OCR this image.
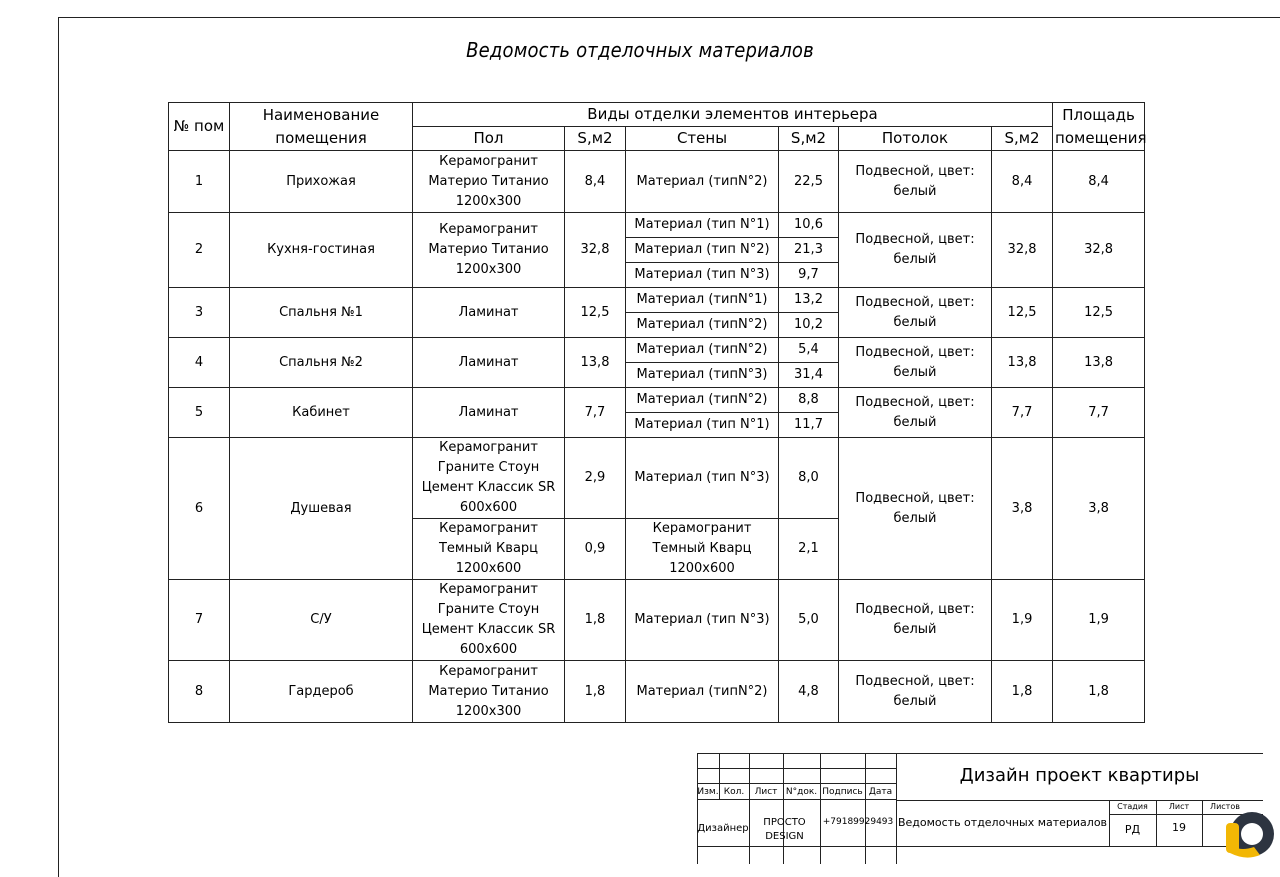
Ведомость отделочных материалов
№ пом	Наименование помещения	Виды отделки элементов интерьера						Площадь помещения
		Пол	S,м2	Стены	S,м2	Потолок	S,м2	
1	Прихожая	Керамогранит Материо Титанио 1200х300	8,4	Материал (типN°2)	22,5	Подвесной, цвет: белый	8,4	8,4
2	Кухня-гостиная	Керамогранит Материо Титанио 1200х300	32,8	Материал (тип N°1)	10,6	Подвесной, цвет: белый	32,8	32,8
				Материал (тип N°2)	21,3			
				Материал (тип N°3)	9,7			
3	Спальня №1	Ламинат	12,5	Материал (типN°1)	13,2	Подвесной, цвет: белый	12,5	12,5
				Материал (типN°2)	10,2			
4	Спальня №2	Ламинат	13,8	Материал (типN°2)	5,4	Подвесной, цвет: белый	13,8	13,8
				Материал (типN°3)	31,4			
5	Кабинет	Ламинат	7,7	Материал (типN°2)	8,8	Подвесной, цвет: белый	7,7	7,7
				Материал (тип N°1)	11,7			
6	Душевая	Керамогранит Граните Стоун Цемент Классик SR 600х600	2,9	Материал (тип N°3)	8,0	Подвесной, цвет: белый	3,8	3,8
		Керамогранит Темный Кварц 1200х600	0,9	Керамогранит Темный Кварц 1200х600	2,1			
7	С/У	Керамогранит Граните Стоун Цемент Классик SR 600х600	1,8	Материал (тип N°3)	5,0	Подвесной, цвет: белый	1,9	1,9
8	Гардероб	Керамогранит Материо Титанио 1200х300	1,8	Материал (типN°2)	4,8	Подвесной, цвет: белый	1,8	1,8
Изм. Кол.	Лист N°док. Подпись Дата
Дизайнер
ПРОСТО
DESIGN
+79189929493
Дизайн проект квартиры
Ведомость отделочных материалов
Стадия	Лист	Листов
РД	19
